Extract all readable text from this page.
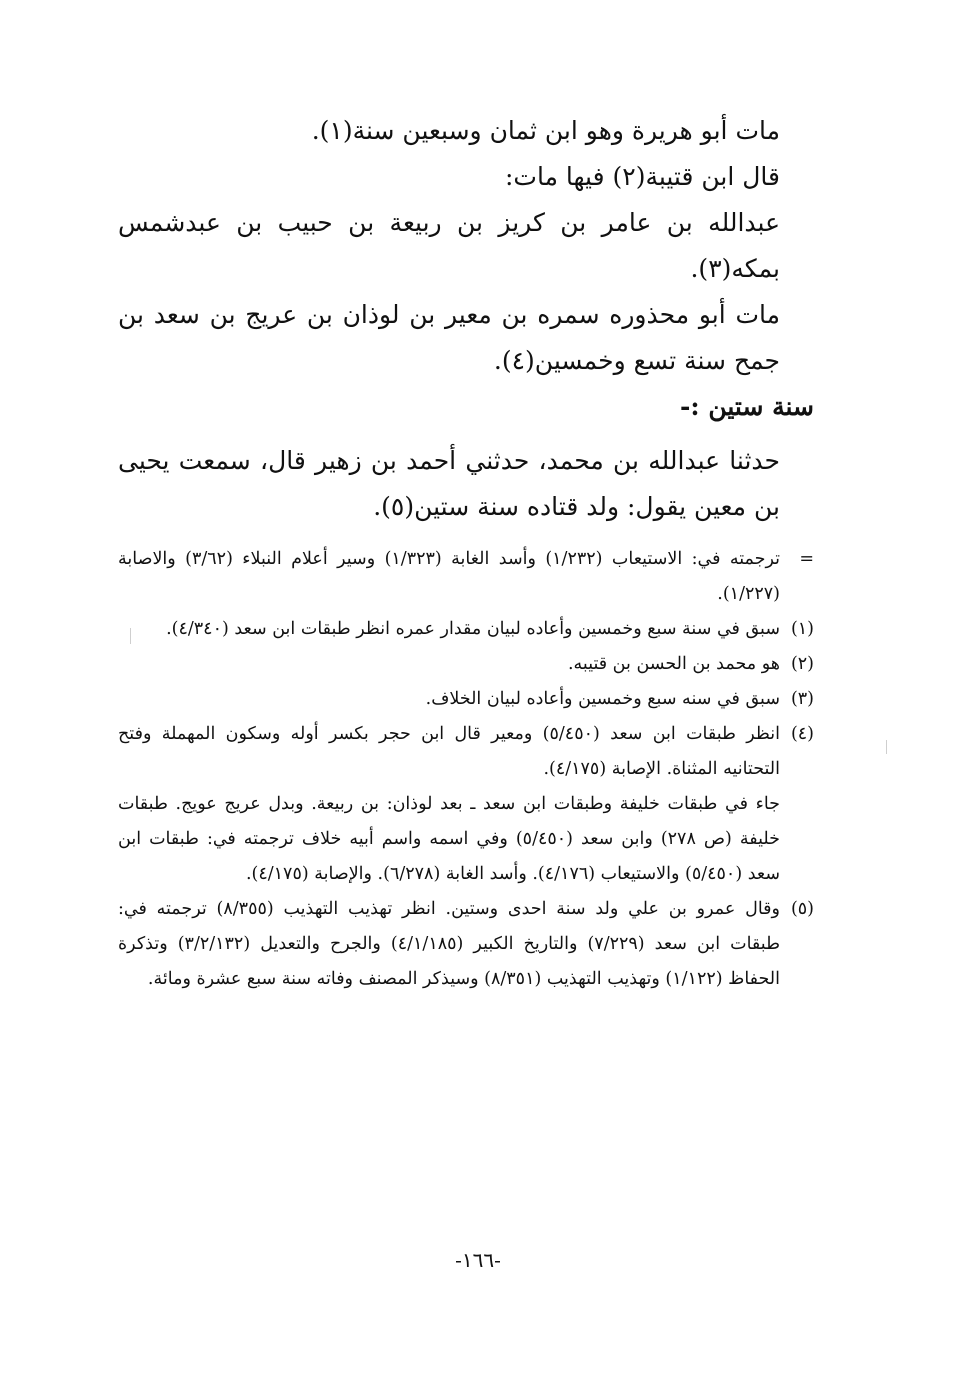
مات أبو هريرة وهو ابن ثمان وسبعين سنة(١).

قال ابن قتيبة(٢) فيها مات:

عبدالله بن عامر بن كريز بن ربيعة بن حبيب بن عبدشمس بمكه(٣).

مات أبو محذوره سمره بن معير بن لوذان بن عريج بن سعد بن جمح سنة تسع وخمسين(٤).

سنة ستين :-

حدثنا عبدالله بن محمد، حدثني أحمد بن زهير قال، سمعت يحيى بن معين يقول: ولد قتاده سنة ستين(٥).

=

ترجمته في: الاستيعاب (١/٢٣٢) وأسد الغابة (١/٣٢٣) وسير أعلام النبلاء (٣/٦٢) والاصابة (١/٢٢٧).

(١)

سبق في سنة سبع وخمسين وأعاده لبيان مقدار عمره انظر طبقات ابن سعد (٤/٣٤٠).

(٢)

هو محمد بن الحسن بن قتيبه.

(٣)

سبق في سنه سبع وخمسين وأعاده لبيان الخلاف.

(٤)

انظر طبقات ابن سعد (٥/٤٥٠) ومعير قال ابن حجر بكسر أوله وسكون المهملة وفتح التحتانيه المثناة. الإصابة (٤/١٧٥).

جاء في طبقات خليفة وطبقات ابن سعد ـ بعد لوذان: بن ربيعة. وبدل عريج عويج. طبقات خليفة (ص ٢٧٨) وابن سعد (٥/٤٥٠) وفي اسمه واسم أبيه خلاف ترجمته في: طبقات ابن سعد (٥/٤٥٠) والاستيعاب (٤/١٧٦). وأسد الغابة (٦/٢٧٨). والإصابة (٤/١٧٥).

(٥)

وقال عمرو بن علي ولد سنة احدى وستين. انظر تهذيب التهذيب (٨/٣٥٥) ترجمته في: طبقات ابن سعد (٧/٢٢٩) والتاريخ الكبير (٤/١/١٨٥) والجرح والتعديل (٣/٢/١٣٢) وتذكرة الحفاظ (١/١٢٢) وتهذيب التهذيب (٨/٣٥١) وسيذكر المصنف وفاته سنة سبع عشرة ومائة.

-١٦٦-
